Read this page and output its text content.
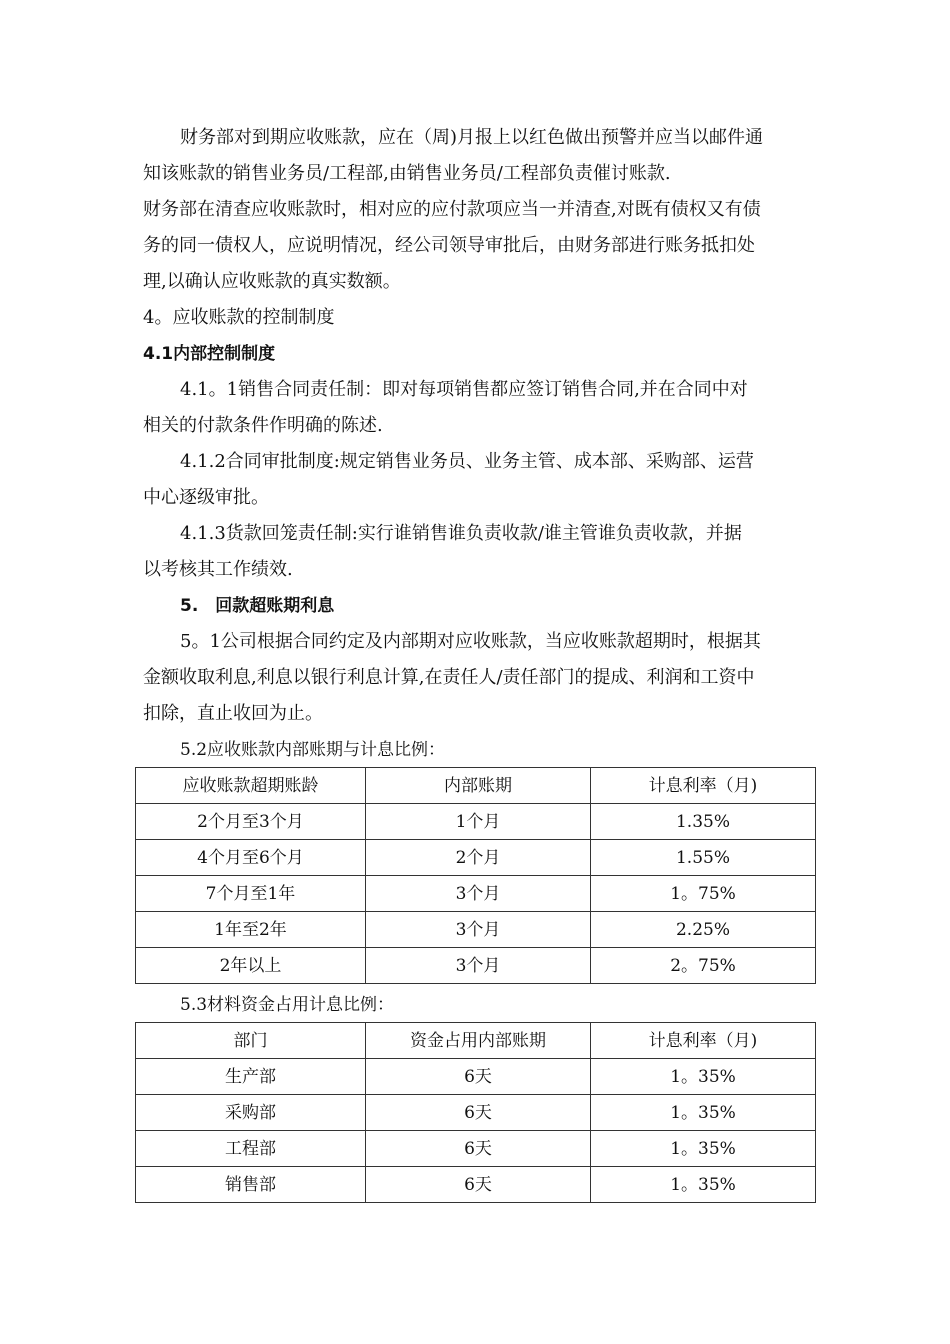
财务部对到期应收账款，应在（周)月报上以红色做出预警并应当以邮件通
知该账款的销售业务员/工程部,由销售业务员/工程部负责催讨账款.
财务部在清查应收账款时，相对应的应付款项应当一并清查,对既有债权又有债
务的同一债权人，应说明情况，经公司领导审批后，由财务部进行账务抵扣处
理,以确认应收账款的真实数额。
4。应收账款的控制制度
4.1内部控制制度
4.1。1销售合同责任制：即对每项销售都应签订销售合同,并在合同中对
相关的付款条件作明确的陈述.
4.1.2合同审批制度:规定销售业务员、业务主管、成本部、采购部、运营
中心逐级审批。
4.1.3货款回笼责任制:实行谁销售谁负责收款/谁主管谁负责收款，并据
以考核其工作绩效.
5.　回款超账期利息
5。1公司根据合同约定及内部期对应收账款，当应收账款超期时，根据其
金额收取利息,利息以银行利息计算,在责任人/责任部门的提成、利润和工资中
扣除，直止收回为止。
5.2应收账款内部账期与计息比例：
应收账款超期账龄	内部账期	计息利率（月)
2个月至3个月	1个月	1.35%
4个月至6个月	2个月	1.55%
7个月至1年	3个月	1。75%
1年至2年	3个月	2.25%
2年以上	3个月	2。75%
5.3材料资金占用计息比例：
部门	资金占用内部账期	计息利率（月)
生产部	6天	1。35%
采购部	6天	1。35%
工程部	6天	1。35%
销售部	6天	1。35%
